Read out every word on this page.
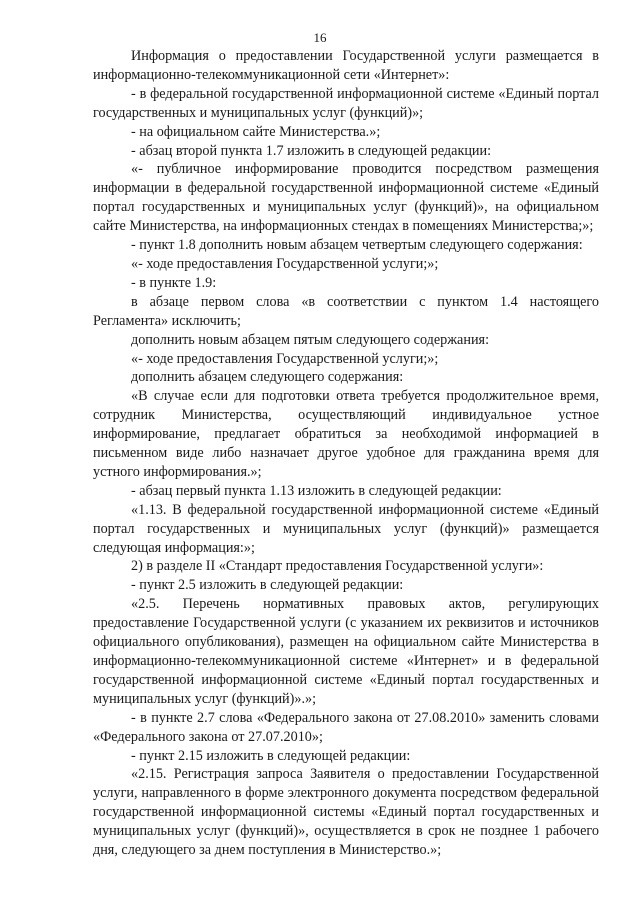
16

Информация о предоставлении Государственной услуги размещается в информационно-телекоммуникационной сети «Интернет»:

- в федеральной государственной информационной системе «Единый портал государственных и муниципальных услуг (функций)»;

- на официальном сайте Министерства.»;

- абзац второй пункта 1.7 изложить в следующей редакции:

«- публичное информирование проводится посредством размещения информации в федеральной государственной информационной системе «Единый портал государственных и муниципальных услуг (функций)», на официальном сайте Министерства, на информационных стендах в помещениях Министерства;»;

- пункт 1.8 дополнить новым абзацем четвертым следующего содержания:

«- ходе предоставления Государственной услуги;»;

- в пункте 1.9:

в абзаце первом слова «в соответствии с пунктом 1.4 настоящего Регламента» исключить;

дополнить новым абзацем пятым следующего содержания:

«- ходе предоставления Государственной услуги;»;

дополнить абзацем следующего содержания:

«В случае если для подготовки ответа требуется продолжительное время, сотрудник Министерства, осуществляющий индивидуальное устное информирование, предлагает обратиться за необходимой информацией в письменном виде либо назначает другое удобное для гражданина время для устного информирования.»;

- абзац первый пункта 1.13 изложить в следующей редакции:

«1.13. В федеральной государственной информационной системе «Единый портал государственных и муниципальных услуг (функций)» размещается следующая информация:»;

2) в разделе II «Стандарт предоставления Государственной услуги»:

- пункт 2.5 изложить в следующей редакции:

«2.5. Перечень нормативных правовых актов, регулирующих предоставление Государственной услуги (с указанием их реквизитов и источников официального опубликования), размещен на официальном сайте Министерства в информационно-телекоммуникационной системе «Интернет» и в федеральной государственной информационной системе «Единый портал государственных и муниципальных услуг (функций)».»;

- в пункте 2.7 слова «Федерального закона от 27.08.2010» заменить словами «Федерального закона от 27.07.2010»;

- пункт 2.15 изложить в следующей редакции:

«2.15. Регистрация запроса Заявителя о предоставлении Государственной услуги, направленного в форме электронного документа посредством федеральной государственной информационной системы «Единый портал государственных и муниципальных услуг (функций)», осуществляется в срок не позднее 1 рабочего дня, следующего за днем поступления в Министерство.»;
